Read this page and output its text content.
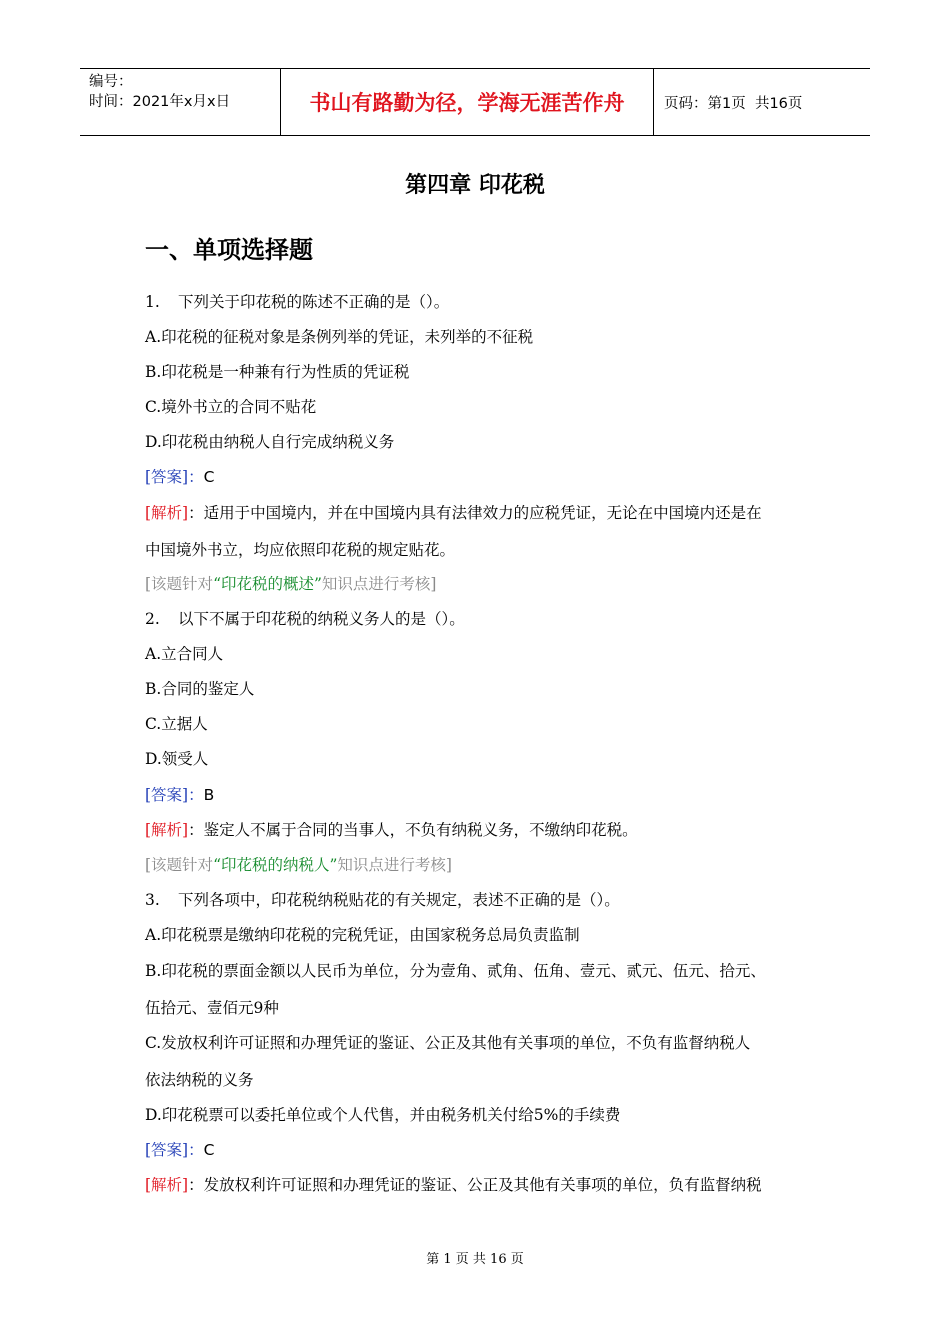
编号：
时间：2021年x月x日	书山有路勤为径，学海无涯苦作舟	页码：第1页  共16页
第四章 印花税
一、单项选择题
1. 下列关于印花税的陈述不正确的是（）。
A.印花税的征税对象是条例列举的凭证，未列举的不征税
B.印花税是一种兼有行为性质的凭证税
C.境外书立的合同不贴花
D.印花税由纳税人自行完成纳税义务
[答案]：C
[解析]：适用于中国境内，并在中国境内具有法律效力的应税凭证，无论在中国境内还是在
中国境外书立，均应依照印花税的规定贴花。
[该题针对“印花税的概述”知识点进行考核]
2. 以下不属于印花税的纳税义务人的是（）。
A.立合同人
B.合同的鉴定人
C.立据人
D.领受人
[答案]：B
[解析]：鉴定人不属于合同的当事人，不负有纳税义务，不缴纳印花税。
[该题针对“印花税的纳税人”知识点进行考核]
3. 下列各项中，印花税纳税贴花的有关规定，表述不正确的是（）。
A.印花税票是缴纳印花税的完税凭证，由国家税务总局负责监制
B.印花税的票面金额以人民币为单位，分为壹角、贰角、伍角、壹元、贰元、伍元、拾元、
伍拾元、壹佰元9种
C.发放权利许可证照和办理凭证的鉴证、公正及其他有关事项的单位，不负有监督纳税人
依法纳税的义务
D.印花税票可以委托单位或个人代售，并由税务机关付给5%的手续费
[答案]：C
[解析]：发放权利许可证照和办理凭证的鉴证、公正及其他有关事项的单位，负有监督纳税
第 1 页 共 16 页
